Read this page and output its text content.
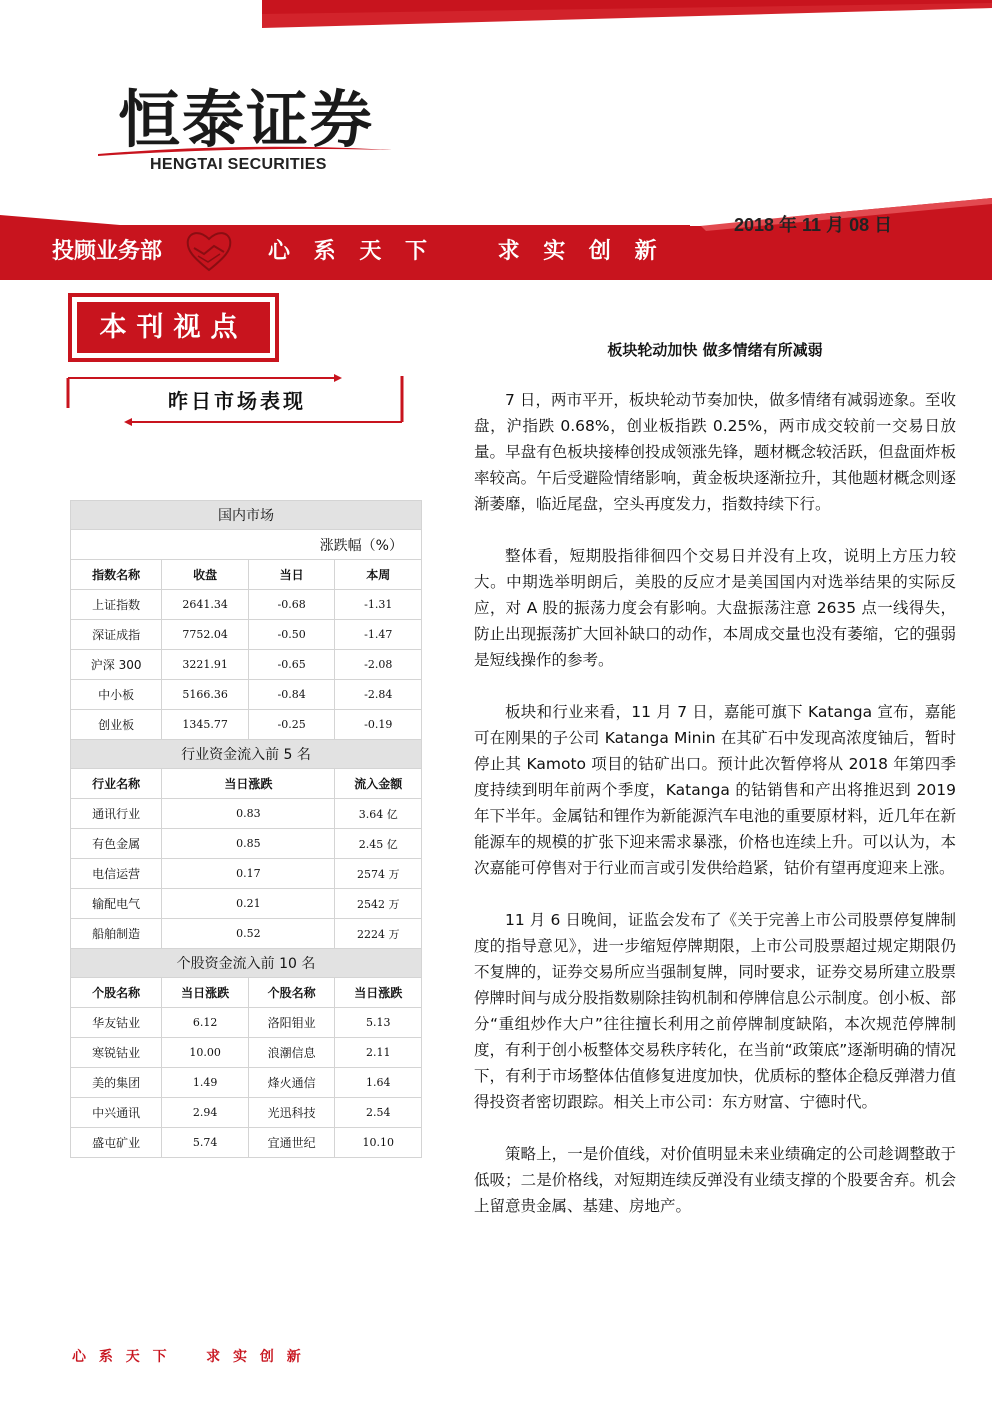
恒泰证券
HENGTAI SECURITIES
2018 年 11 月 08 日
投顾业务部	心 系 天 下    求 实 创 新
本刊视点
昨日市场表现
国内市场			
涨跌幅（%）			
指数名称	收盘	当日	本周
上证指数	2641.34	-0.68	-1.31
深证成指	7752.04	-0.50	-1.47
沪深 300	3221.91	-0.65	-2.08
中小板	5166.36	-0.84	-2.84
创业板	1345.77	-0.25	-0.19
行业资金流入前 5 名			
行业名称	当日涨跌		流入金额
通讯行业	0.83		3.64 亿
有色金属	0.85		2.45 亿
电信运营	0.17		2574 万
输配电气	0.21		2542 万
船舶制造	0.52		2224 万
个股资金流入前 10 名			
个股名称	当日涨跌	个股名称	当日涨跌
华友钴业	6.12	洛阳钼业	5.13
寒锐钴业	10.00	浪潮信息	2.11
美的集团	1.49	烽火通信	1.64
中兴通讯	2.94	光迅科技	2.54
盛屯矿业	5.74	宜通世纪	10.10
板块轮动加快 做多情绪有所减弱

7 日，两市平开，板块轮动节奏加快，做多情绪有减弱迹象。至收盘，沪指跌 0.68%，创业板指跌 0.25%，两市成交较前一交易日放量。早盘有色板块接棒创投成领涨先锋，题材概念较活跃，但盘面炸板率较高。午后受避险情绪影响，黄金板块逐渐拉升，其他题材概念则逐渐萎靡，临近尾盘，空头再度发力，指数持续下行。

整体看，短期股指徘徊四个交易日并没有上攻，说明上方压力较大。中期选举明朗后，美股的反应才是美国国内对选举结果的实际反应，对 A 股的振荡力度会有影响。大盘振荡注意 2635 点一线得失，防止出现振荡扩大回补缺口的动作，本周成交量也没有萎缩，它的强弱是短线操作的参考。

板块和行业来看，11 月 7 日，嘉能可旗下 Katanga 宣布，嘉能可在刚果的子公司 Katanga Minin 在其矿石中发现高浓度铀后，暂时停止其 Kamoto 项目的钴矿出口。预计此次暂停将从 2018 年第四季度持续到明年前两个季度，Katanga 的钴销售和产出将推迟到 2019 年下半年。金属钴和锂作为新能源汽车电池的重要原材料，近几年在新能源车的规模的扩张下迎来需求暴涨，价格也连续上升。可以认为，本次嘉能可停售对于行业而言或引发供给趋紧，钴价有望再度迎来上涨。

11 月 6 日晚间，证监会发布了《关于完善上市公司股票停复牌制度的指导意见》，进一步缩短停牌期限，上市公司股票超过规定期限仍不复牌的，证券交易所应当强制复牌，同时要求，证券交易所建立股票停牌时间与成分股指数剔除挂钩机制和停牌信息公示制度。创小板、部分“重组炒作大户”往往擅长利用之前停牌制度缺陷，本次规范停牌制度，有利于创小板整体交易秩序转化，在当前“政策底”逐渐明确的情况下，有利于市场整体估值修复进度加快，优质标的整体企稳反弹潜力值得投资者密切跟踪。相关上市公司：东方财富、宁德时代。

策略上，一是价值线，对价值明显未来业绩确定的公司趁调整敢于低吸；二是价格线，对短期连续反弹没有业绩支撑的个股要舍弃。机会上留意贵金属、基建、房地产。

心 系 天 下    求 实 创 新
